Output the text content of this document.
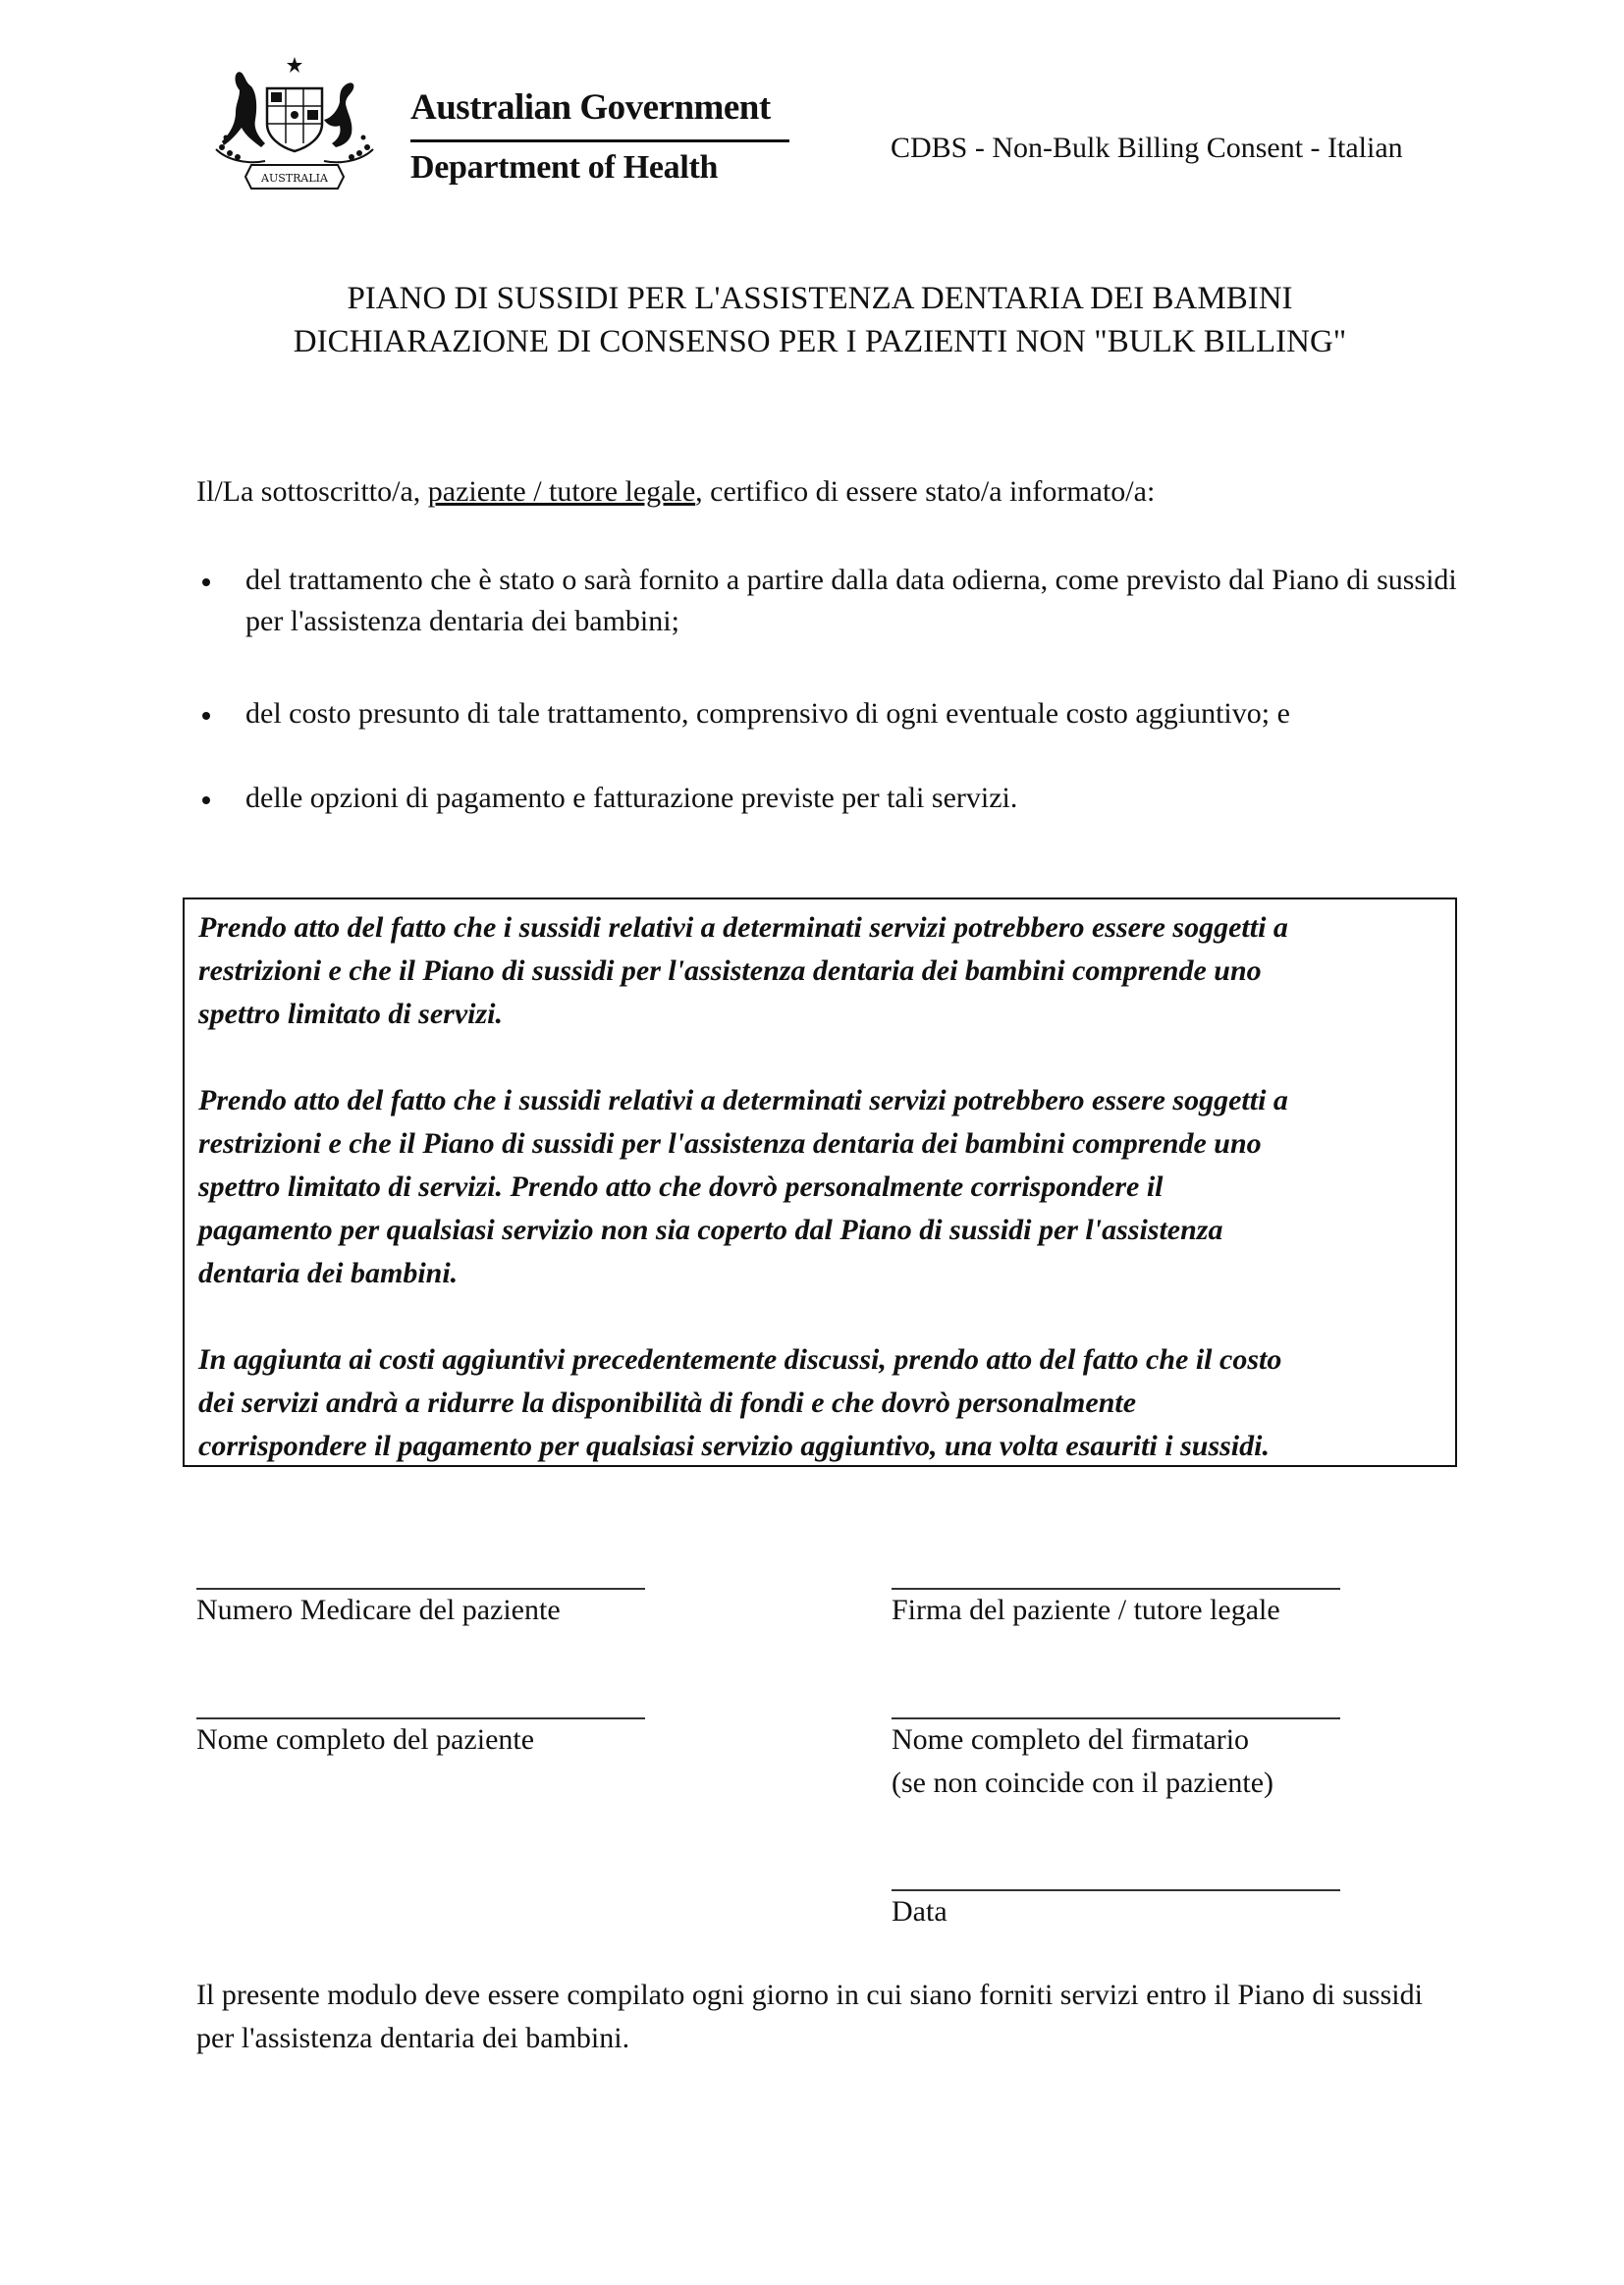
AUSTRALIA
Australian Government
Department of Health
CDBS - Non-Bulk Billing Consent - Italian
PIANO DI SUSSIDI PER L'ASSISTENZA DENTARIA DEI BAMBINI
DICHIARAZIONE DI CONSENSO PER I PAZIENTI NON "BULK BILLING"
Il/La sottoscritto/a, paziente / tutore legale, certifico di essere stato/a informato/a:
del trattamento che è stato o sarà fornito a partire dalla data odierna, come previsto dal Piano di sussidi per l'assistenza dentaria dei bambini;
del costo presunto di tale trattamento, comprensivo di ogni eventuale costo aggiuntivo; e
delle opzioni di pagamento e fatturazione previste per tali servizi.

Prendo atto del fatto che i sussidi relativi a determinati servizi potrebbero essere soggetti a
restrizioni e che il Piano di sussidi per l'assistenza dentaria dei bambini comprende uno
spettro limitato di servizi.

Prendo atto del fatto che i sussidi relativi a determinati servizi potrebbero essere soggetti a
restrizioni e che il Piano di sussidi per l'assistenza dentaria dei bambini comprende uno
spettro limitato di servizi. Prendo atto che dovrò personalmente corrispondere il
pagamento per qualsiasi servizio non sia coperto dal Piano di sussidi per l'assistenza
dentaria dei bambini.

In aggiunta ai costi aggiuntivi precedentemente discussi, prendo atto del fatto che il costo
dei servizi andrà a ridurre la disponibilità di fondi e che dovrò personalmente
corrispondere il pagamento per qualsiasi servizio aggiuntivo, una volta esauriti i sussidi.

Numero Medicare del paziente	Firma del paziente / tutore legale
Nome completo del paziente	Nome completo del firmatario
(se non coincide con il paziente)
Data
Il presente modulo deve essere compilato ogni giorno in cui siano forniti servizi entro il Piano di sussidi per l'assistenza dentaria dei bambini.
